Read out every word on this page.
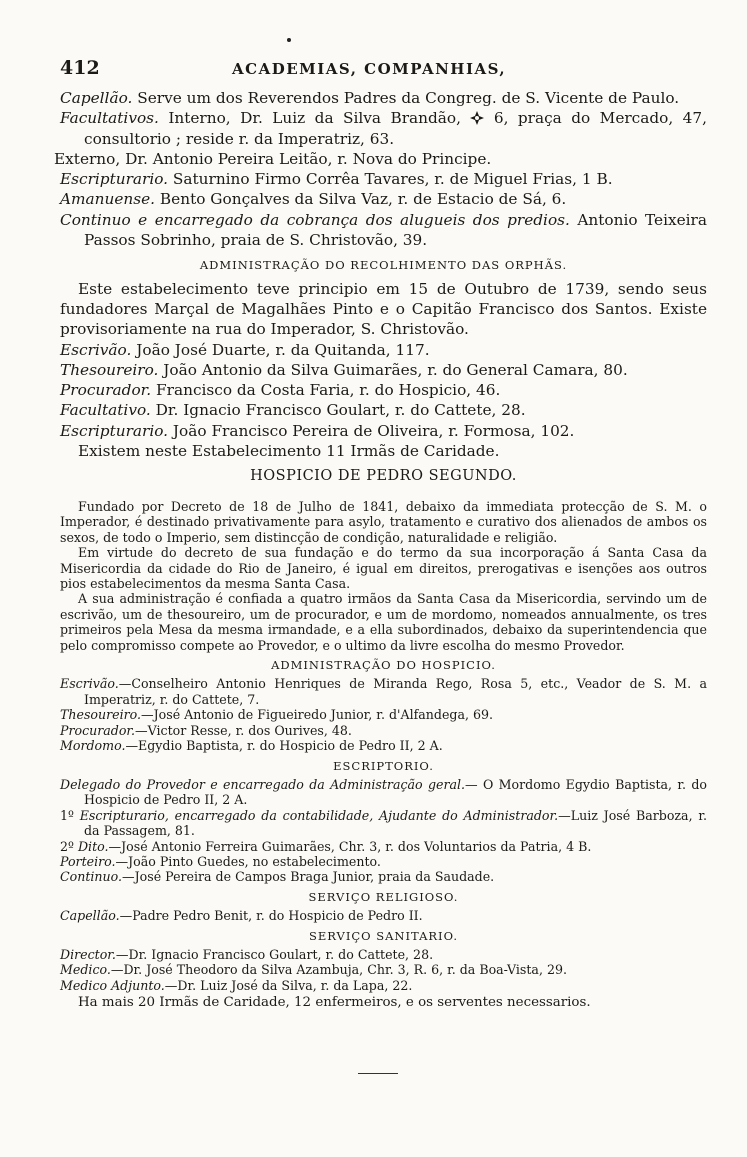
412	ACADEMIAS, COMPANHIAS,

Capellão. Serve um dos Reverendos Padres da Congreg. de S. Vicente de Paulo.

Facultativos. Interno, Dr. Luiz da Silva Brandão, 6, praça do Mercado, 47, consultorio ; reside r. da Imperatriz, 63.

Externo, Dr. Antonio Pereira Leitão, r. Nova do Principe.

Escripturario. Saturnino Firmo Corrêa Tavares, r. de Miguel Frias, 1 B.

Amanuense. Bento Gonçalves da Silva Vaz, r. de Estacio de Sá, 6.

Continuo e encarregado da cobrança dos alugueis dos predios. Antonio Teixeira Passos Sobrinho, praia de S. Christovão, 39.

ADMINISTRAÇÃO DO RECOLHIMENTO DAS ORPHÃS.

Este estabelecimento teve principio em 15 de Outubro de 1739, sendo seus fundadores Marçal de Magalhães Pinto e o Capitão Francisco dos Santos. Existe provisoriamente na rua do Imperador, S. Christovão.

Escrivão. João José Duarte, r. da Quitanda, 117.

Thesoureiro. João Antonio da Silva Guimarães, r. do General Camara, 80.

Procurador. Francisco da Costa Faria, r. do Hospicio, 46.

Facultativo. Dr. Ignacio Francisco Goulart, r. do Cattete, 28.

Escripturario. João Francisco Pereira de Oliveira, r. Formosa, 102.

Existem neste Estabelecimento 11 Irmãs de Caridade.

HOSPICIO DE PEDRO SEGUNDO.

Fundado por Decreto de 18 de Julho de 1841, debaixo da immediata protecção de S. M. o Imperador, é destinado privativamente para asylo, tratamento e curativo dos alienados de ambos os sexos, de todo o Imperio, sem distincção de condição, naturalidade e religião.

Em virtude do decreto de sua fundação e do termo da sua incorporação á Santa Casa da Misericordia da cidade do Rio de Janeiro, é igual em direitos, prerogativas e isenções aos outros pios estabelecimentos da mesma Santa Casa.

A sua administração é confiada a quatro irmãos da Santa Casa da Misericordia, servindo um de escrivão, um de thesoureiro, um de procurador, e um de mordomo, nomeados annualmente, os tres primeiros pela Mesa da mesma irmandade, e a ella subordinados, debaixo da superintendencia que pelo compromisso compete ao Provedor, e o ultimo da livre escolha do mesmo Provedor.

ADMINISTRAÇÃO DO HOSPICIO.

Escrivão.—Conselheiro Antonio Henriques de Miranda Rego, Rosa 5, etc., Veador de S. M. a Imperatriz, r. do Cattete, 7.

Thesoureiro.—José Antonio de Figueiredo Junior, r. d'Alfandega, 69.

Procurador.—Victor Resse, r. dos Ourives, 48.

Mordomo.—Egydio Baptista, r. do Hospicio de Pedro II, 2 A.

ESCRIPTORIO.

Delegado do Provedor e encarregado da Administração geral.— O Mordomo Egydio Baptista, r. do Hospicio de Pedro II, 2 A.

1º Escripturario, encarregado da contabilidade, Ajudante do Administrador.—Luiz José Barboza, r. da Passagem, 81.

2º Dito.—José Antonio Ferreira Guimarães, Chr. 3, r. dos Voluntarios da Patria, 4 B.

Porteiro.—João Pinto Guedes, no estabelecimento.

Continuo.—José Pereira de Campos Braga Junior, praia da Saudade.

SERVIÇO RELIGIOSO.

Capellão.—Padre Pedro Benit, r. do Hospicio de Pedro II.

SERVIÇO SANITARIO.

Director.—Dr. Ignacio Francisco Goulart, r. do Cattete, 28.

Medico.—Dr. José Theodoro da Silva Azambuja, Chr. 3, R. 6, r. da Boa-Vista, 29.

Medico Adjunto.—Dr. Luiz José da Silva, r. da Lapa, 22.

Ha mais 20 Irmãs de Caridade, 12 enfermeiros, e os serventes necessarios.
